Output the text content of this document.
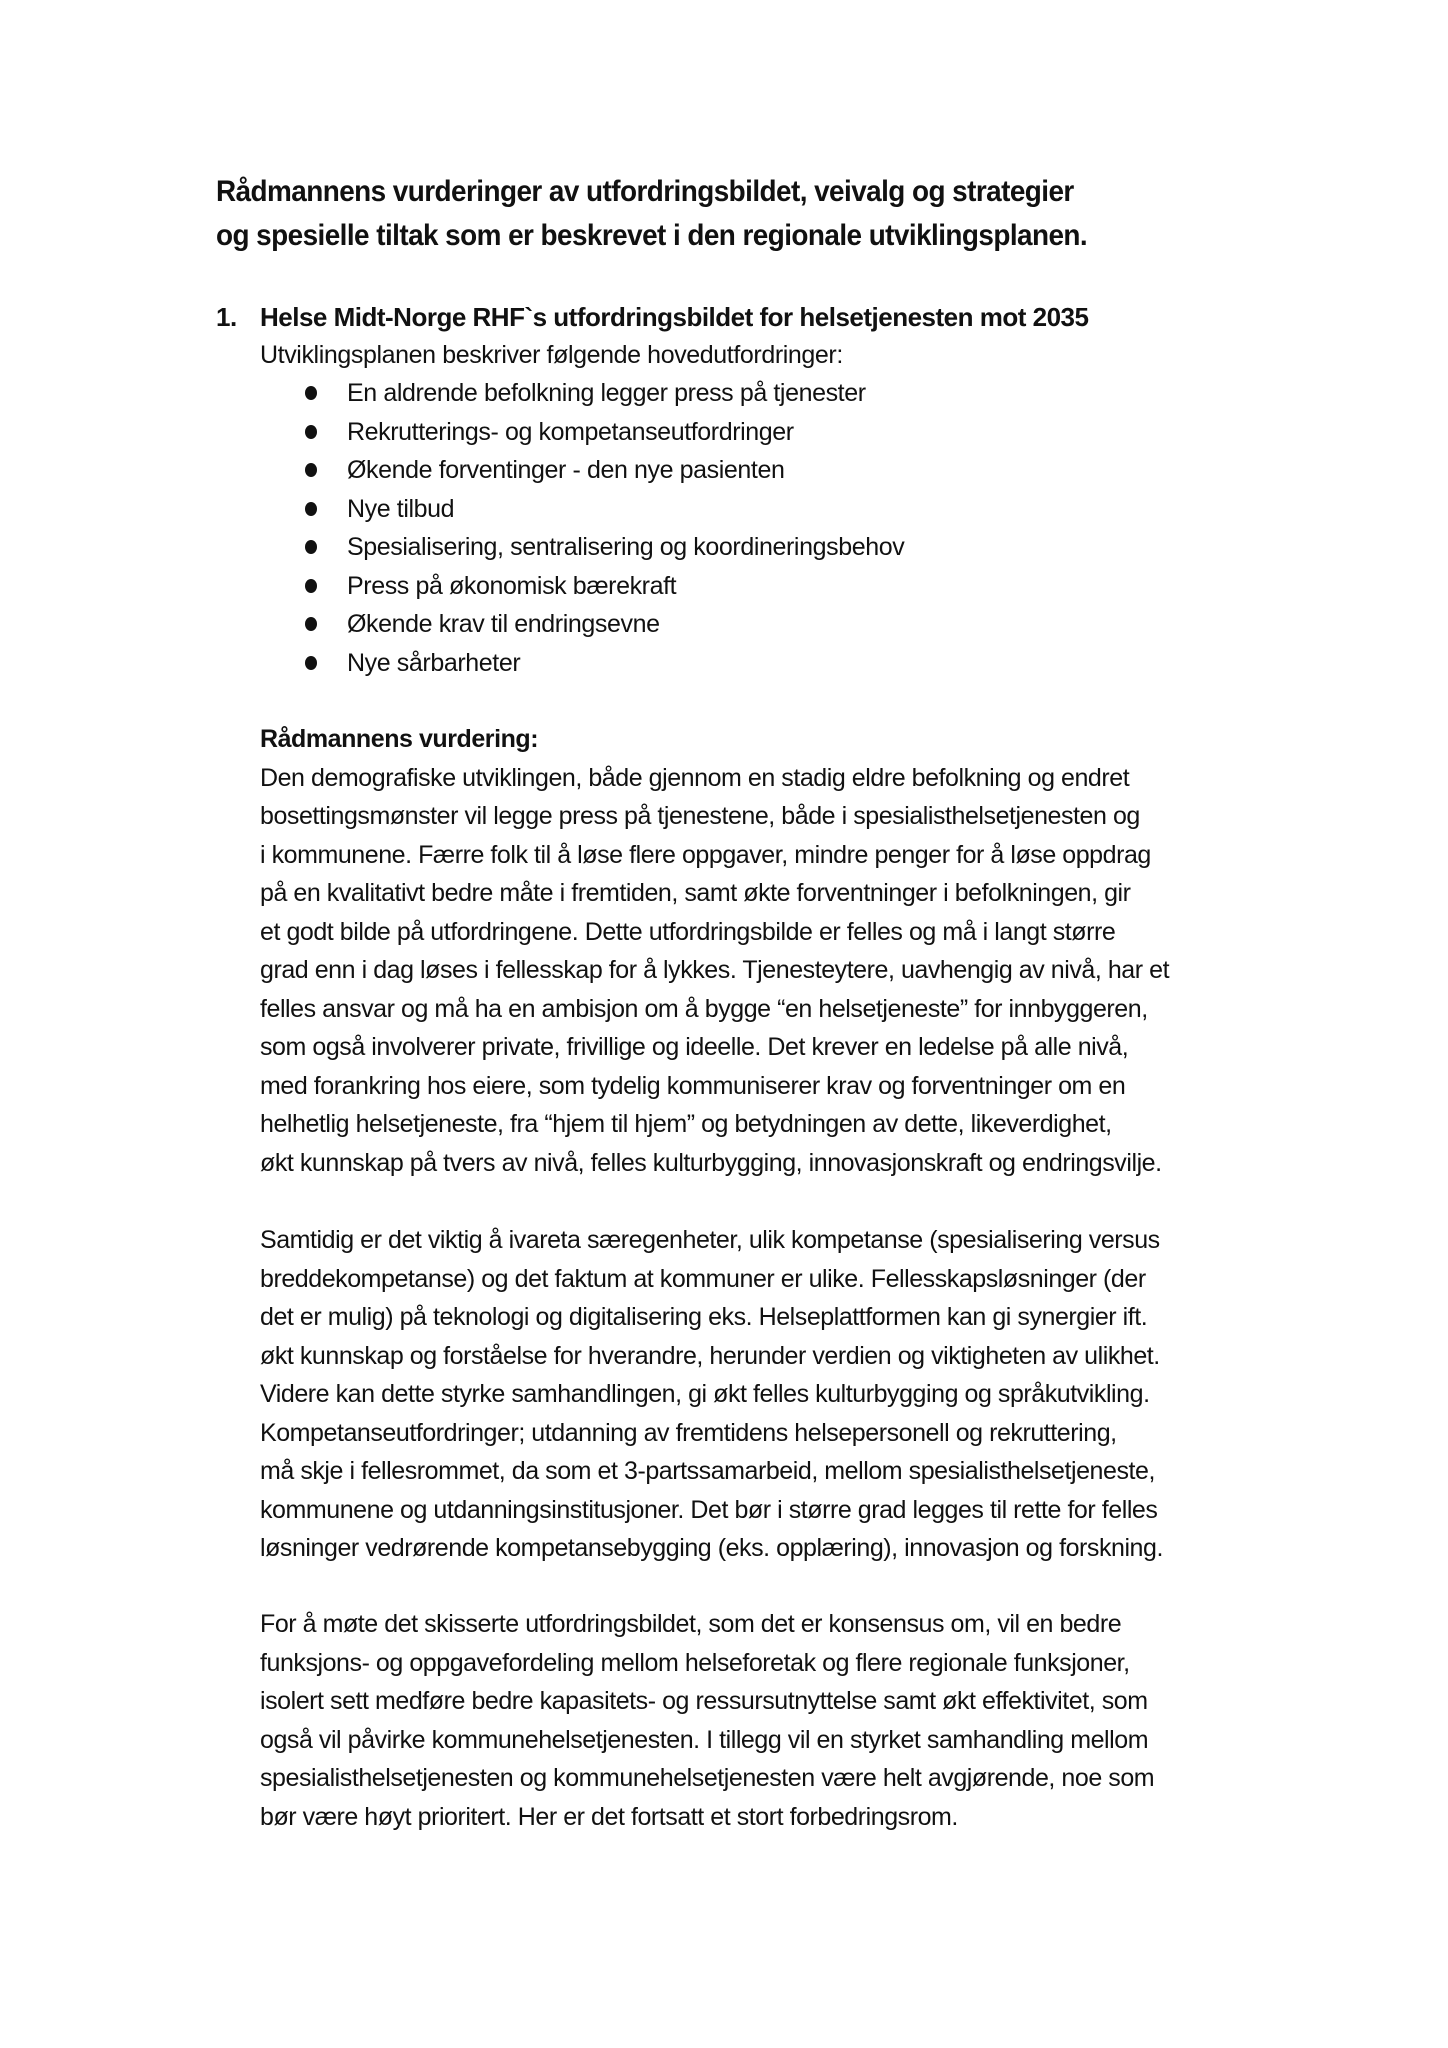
Rådmannens vurderinger av utfordringsbildet, veivalg og strategier
og spesielle tiltak som er beskrevet i den regionale utviklingsplanen.
1. Helse Midt-Norge RHF`s utfordringsbildet for helsetjenesten mot 2035
Utviklingsplanen beskriver følgende hovedutfordringer:
En aldrende befolkning legger press på tjenester
Rekrutterings- og kompetanseutfordringer
Økende forventinger - den nye pasienten
Nye tilbud
Spesialisering, sentralisering og koordineringsbehov
Press på økonomisk bærekraft
Økende krav til endringsevne
Nye sårbarheter
Rådmannens vurdering:
Den demografiske utviklingen, både gjennom en stadig eldre befolkning og endret
bosettingsmønster vil legge press på tjenestene, både i spesialisthelsetjenesten og
i kommunene. Færre folk til å løse flere oppgaver, mindre penger for å løse oppdrag
på en kvalitativt bedre måte i fremtiden, samt økte forventninger i befolkningen, gir
et godt bilde på utfordringene. Dette utfordringsbilde er felles og må i langt større
grad enn i dag løses i fellesskap for å lykkes. Tjenesteytere, uavhengig av nivå, har et
felles ansvar og må ha en ambisjon om å bygge “en helsetjeneste” for innbyggeren,
som også involverer private, frivillige og ideelle. Det krever en ledelse på alle nivå,
med forankring hos eiere, som tydelig kommuniserer krav og forventninger om en
helhetlig helsetjeneste, fra “hjem til hjem” og betydningen av dette, likeverdighet,
økt kunnskap på tvers av nivå, felles kulturbygging, innovasjonskraft og endringsvilje.
Samtidig er det viktig å ivareta særegenheter, ulik kompetanse (spesialisering versus
breddekompetanse) og det faktum at kommuner er ulike. Fellesskapsløsninger (der
det er mulig) på teknologi og digitalisering eks. Helseplattformen kan gi synergier ift.
økt kunnskap og forståelse for hverandre, herunder verdien og viktigheten av ulikhet.
Videre kan dette styrke samhandlingen, gi økt felles kulturbygging og språkutvikling.
Kompetanseutfordringer; utdanning av fremtidens helsepersonell og rekruttering,
må skje i fellesrommet, da som et 3-partssamarbeid, mellom spesialisthelsetjeneste,
kommunene og utdanningsinstitusjoner. Det bør i større grad legges til rette for felles
løsninger vedrørende kompetansebygging (eks. opplæring), innovasjon og forskning.
For å møte det skisserte utfordringsbildet, som det er konsensus om, vil en bedre
funksjons- og oppgavefordeling mellom helseforetak og flere regionale funksjoner,
isolert sett medføre bedre kapasitets- og ressursutnyttelse samt økt effektivitet, som
også vil påvirke kommunehelsetjenesten. I tillegg vil en styrket samhandling mellom
spesialisthelsetjenesten og kommunehelsetjenesten være helt avgjørende, noe som
bør være høyt prioritert. Her er det fortsatt et stort forbedringsrom.
